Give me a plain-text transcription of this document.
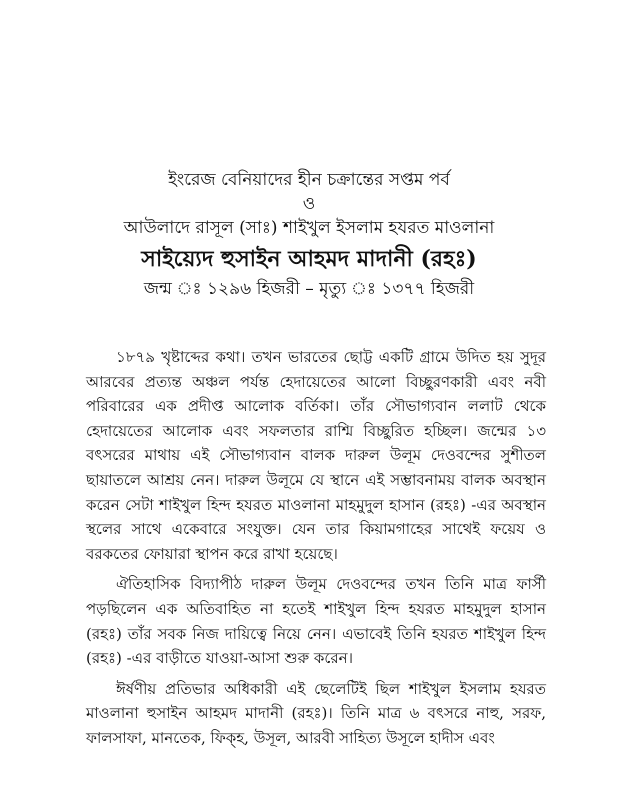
ইংরেজ বেনিয়াদের হীন চক্রান্তের সপ্তম পর্ব
ও
আউলাদে রাসূল (সাঃ) শাইখুল ইসলাম হযরত মাওলানা
সাইয়্যেদ হুসাইন আহমদ মাদানী (রহঃ)
জন্ম ঃ ১২৯৬ হিজরী – মৃত্যু ঃ ১৩৭৭ হিজরী

১৮৭৯ খৃষ্টাব্দের কথা। তখন ভারতের ছোট্ট একটি গ্রামে উদিত হয় সুদূর আরবের প্রত্যন্ত অঞ্চল পর্যন্ত হেদায়েতের আলো বিচ্ছুরণকারী এবং নবী পরিবারের এক প্রদীপ্ত আলোক বর্তিকা। তাঁর সৌভাগ্যবান ললাট থেকে হেদায়েতের আলোক এবং সফলতার রাশ্মি বিচ্ছুরিত হচ্ছিল। জন্মের ১৩ বৎসরের মাথায় এই সৌভাগ্যবান বালক দারুল উলূম দেওবন্দের সুশীতল ছায়াতলে আশ্রয় নেন। দারুল উলূমে যে স্থানে এই সম্ভাবনাময় বালক অবস্থান করেন সেটা শাইখুল হিন্দ হযরত মাওলানা মাহমুদুল হাসান (রহঃ) -এর অবস্থান স্থলের সাথে একেবারে সংযুক্ত। যেন তার কিয়ামগাহের সাথেই ফয়েয ও বরকতের ফোয়ারা স্থাপন করে রাখা হয়েছে।

ঐতিহাসিক বিদ্যাপীঠ দারুল উলূম দেওবন্দের তখন তিনি মাত্র ফার্সী পড়ছিলেন এক অতিবাহিত না হতেই শাইখুল হিন্দ হযরত মাহমুদুল হাসান (রহঃ) তাঁর সবক নিজ দায়িত্বে নিয়ে নেন। এভাবেই তিনি হযরত শাইখুল হিন্দ (রহঃ) -এর বাড়ীতে যাওয়া-আসা শুরু করেন।

ঈর্ষণীয় প্রতিভার অধিকারী এই ছেলেটিই ছিল শাইখুল ইসলাম হযরত মাওলানা হুসাইন আহমদ মাদানী (রহঃ)। তিনি মাত্র ৬ বৎসরে নাহু, সরফ, ফালসাফা, মানতেক, ফিক্হ, উসূল, আরবী সাহিত্য উসূলে হাদীস এবং
